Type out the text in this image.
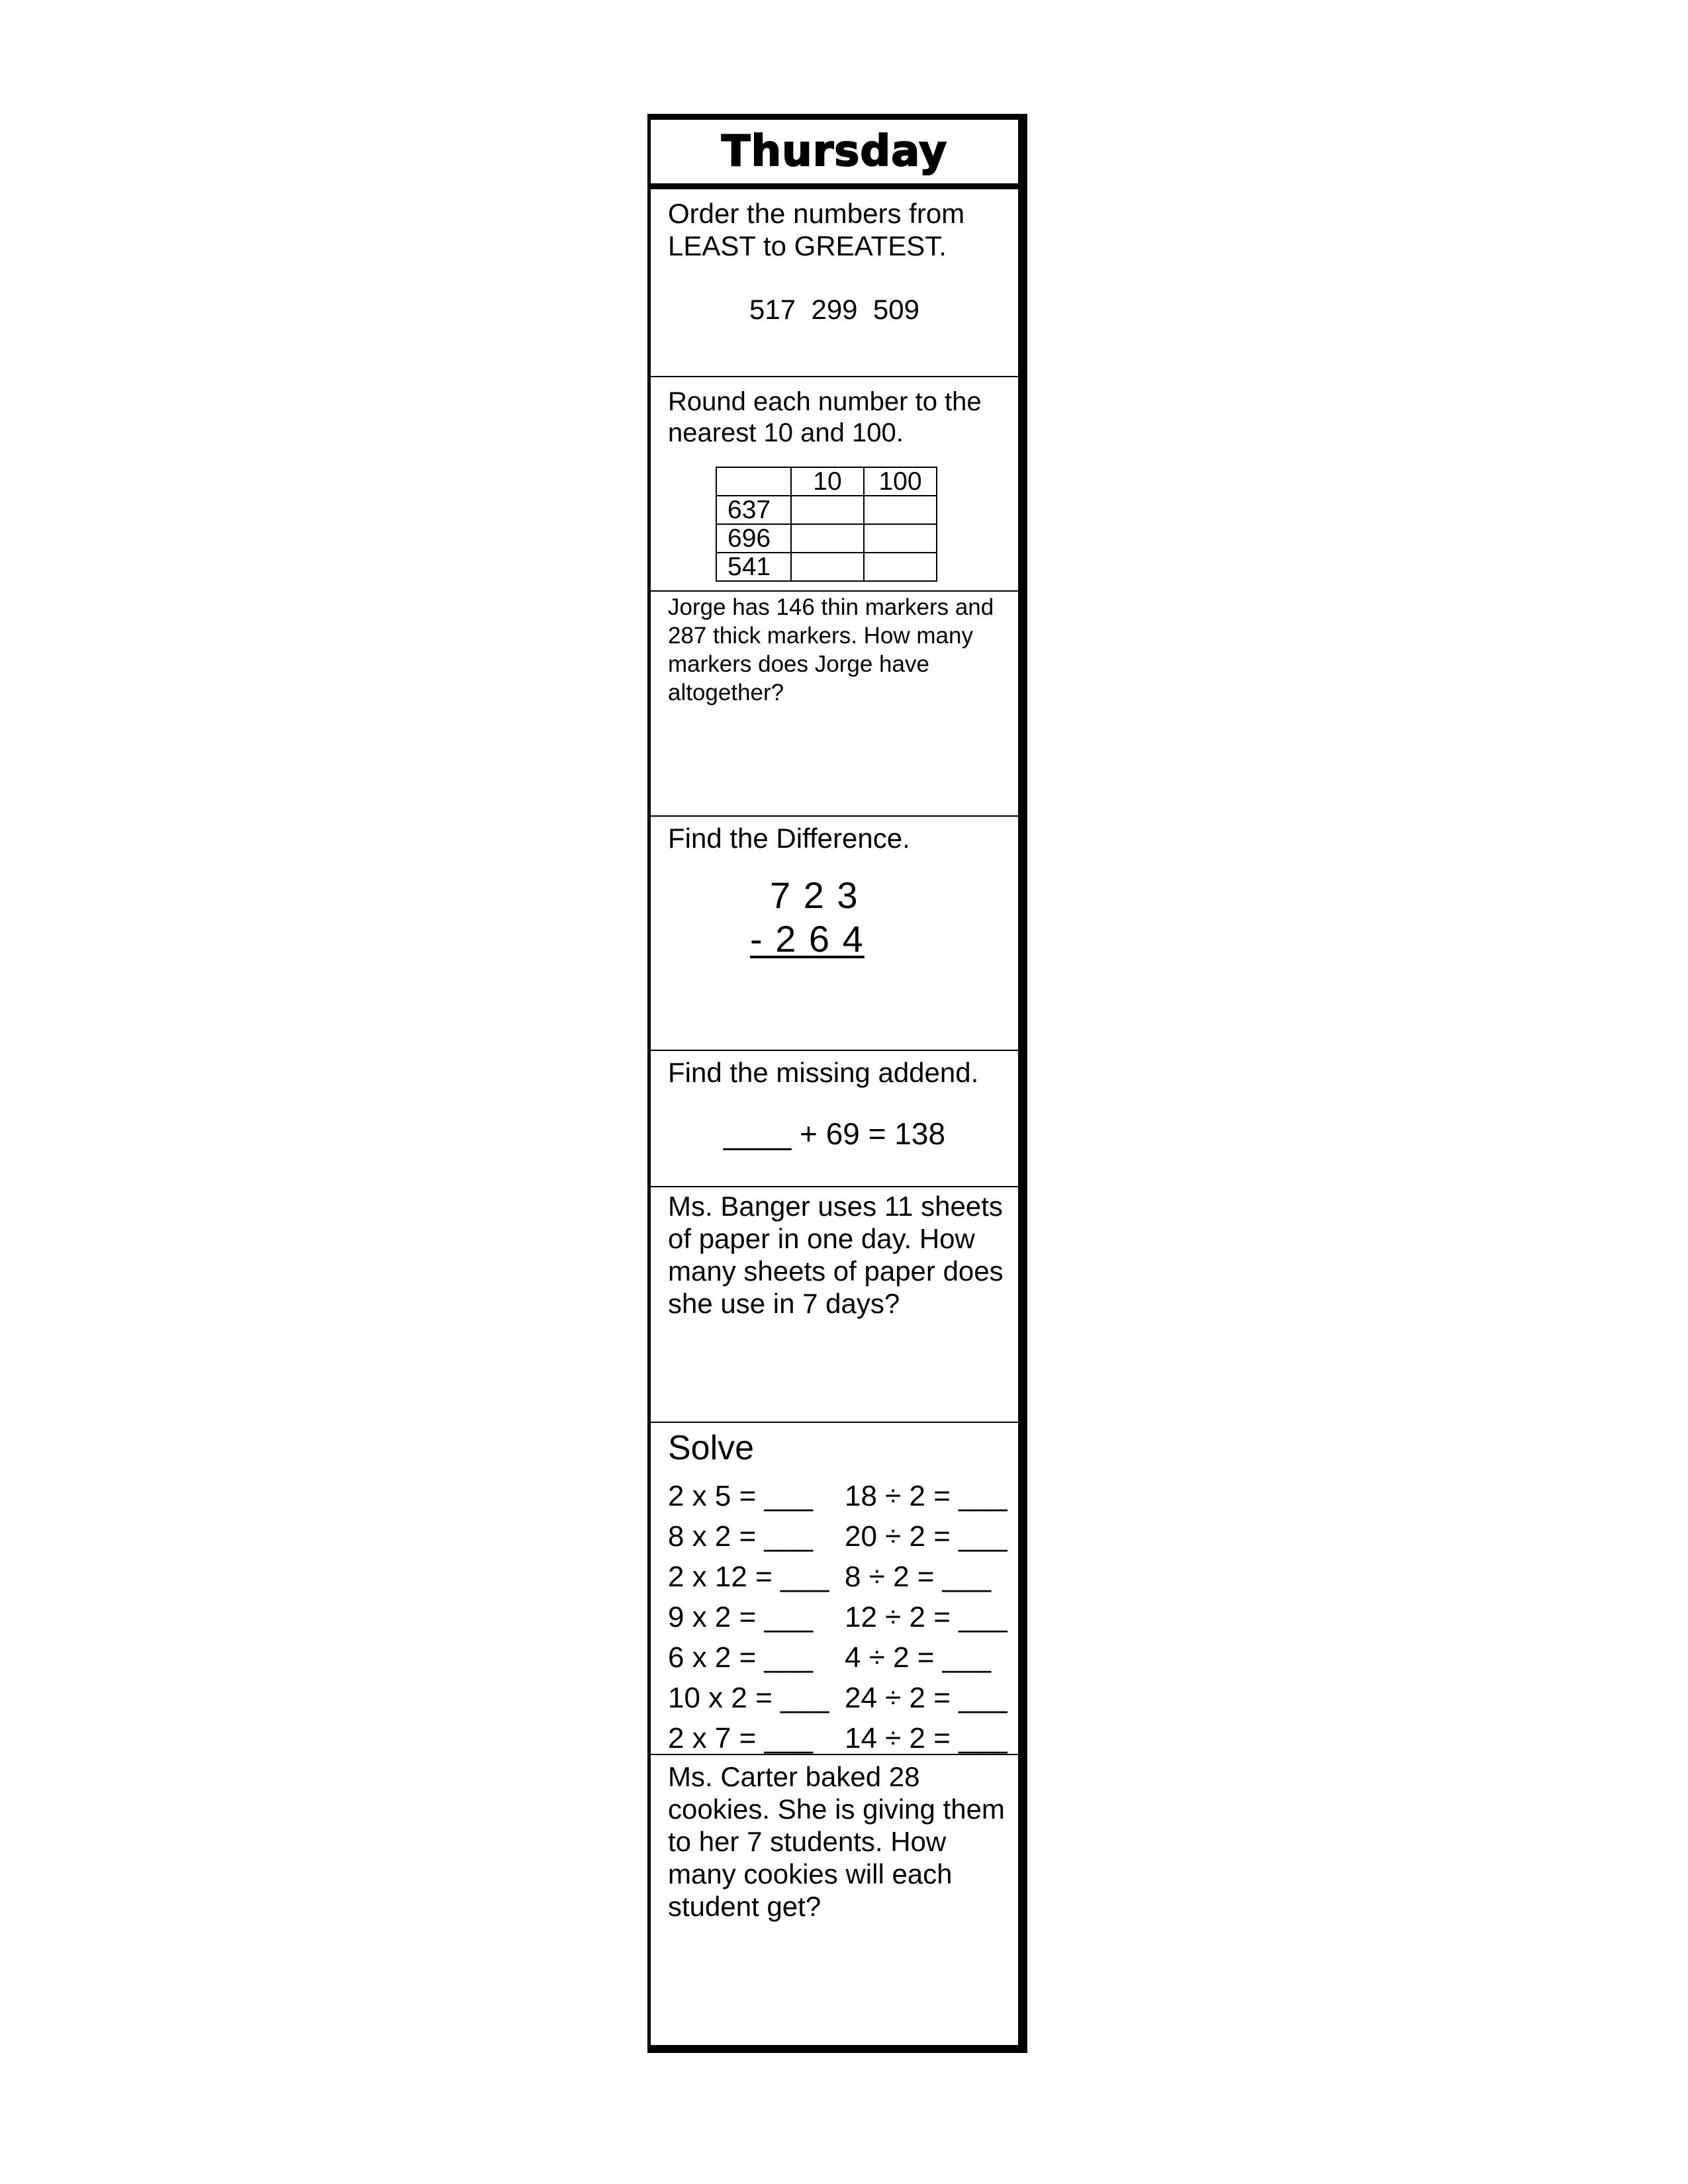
Thursday
Order the numbers from LEAST to GREATEST.
517  299  509
Round each number to the nearest 10 and 100.
	10	100
637		
696		
541		
Jorge has 146 thin markers and 287 thick markers. How many markers does Jorge have altogether?
Find the Difference.
7 2 3
- 2 6 4
Find the missing addend.
____ + 69 = 138
Ms. Banger uses 11 sheets of paper in one day. How many sheets of paper does she use in 7 days?
Solve
2 x 5 = ___ 18 ÷ 2 = ___
8 x 2 = ___ 20 ÷ 2 = ___
2 x 12 = ___ 8 ÷ 2 = ___
9 x 2 = ___ 12 ÷ 2 = ___
6 x 2 = ___ 4 ÷ 2 = ___
10 x 2 = ___ 24 ÷ 2 = ___
2 x 7 = ___ 14 ÷ 2 = ___
Ms. Carter baked 28 cookies. She is giving them to her 7 students. How many cookies will each student get?
